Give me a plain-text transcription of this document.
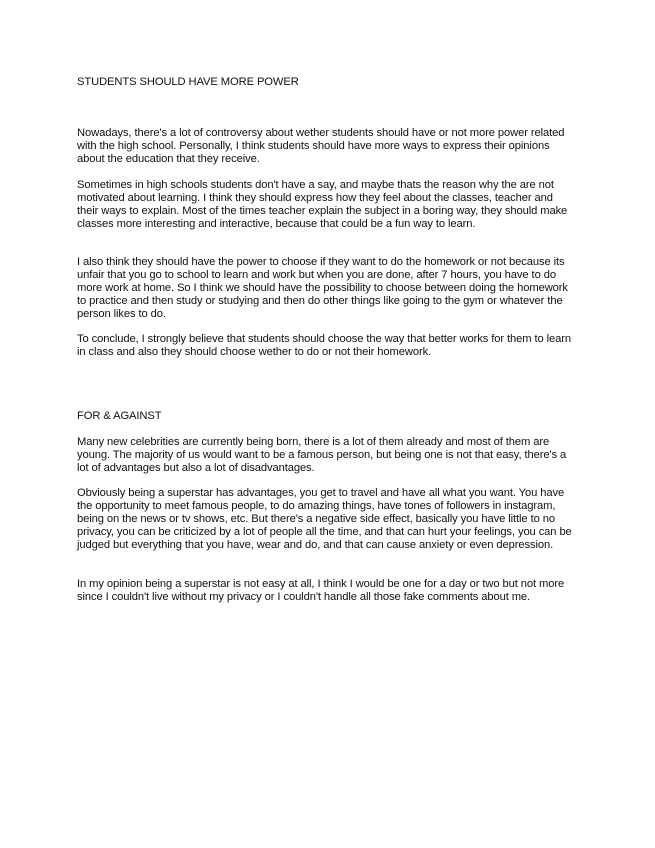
STUDENTS SHOULD HAVE MORE POWER

Nowadays, there's a lot of controversy about wether students should have or not more power related with the high school. Personally, I think students should have more ways to express their opinions about the education that they receive.

Sometimes in high schools students don't have a say, and maybe thats the reason why the are not motivated about learning. I think they should express how they feel about the classes, teacher and their ways to explain. Most of the times teacher explain the subject in a boring way, they should make classes more interesting and interactive, because that could be a fun way to learn.

I also think they should have the power to choose if they want to do the homework or not because its unfair that you go to school to learn and work but when you are done, after 7 hours, you have to do more work at home. So I think we should have the possibility to choose between doing the homework to practice and then study or studying and then do other things like going to the gym or whatever the person likes to do.

To conclude, I strongly believe that students should choose the way that better works for them to learn in class and also they should choose wether to do or not their homework.

FOR & AGAINST

Many new celebrities are currently being born, there is a lot of them already and most of them are young. The majority of us would want to be a famous person, but being one is not that easy, there's a lot of advantages but also a lot of disadvantages.

Obviously being a superstar has advantages, you get to travel and have all what you want. You have the opportunity to meet famous people, to do amazing things, have tones of followers in instagram, being on the news or tv shows, etc. But there's a negative side effect, basically you have little to no privacy, you can be criticized by a lot of people all the time, and that can hurt your feelings, you can be judged but everything that you have, wear and do, and that can cause anxiety or even depression.

In my opinion being a superstar is not easy at all, I think I would be one for a day or two but not more since I couldn't live without my privacy or I couldn't handle all those fake comments about me.
